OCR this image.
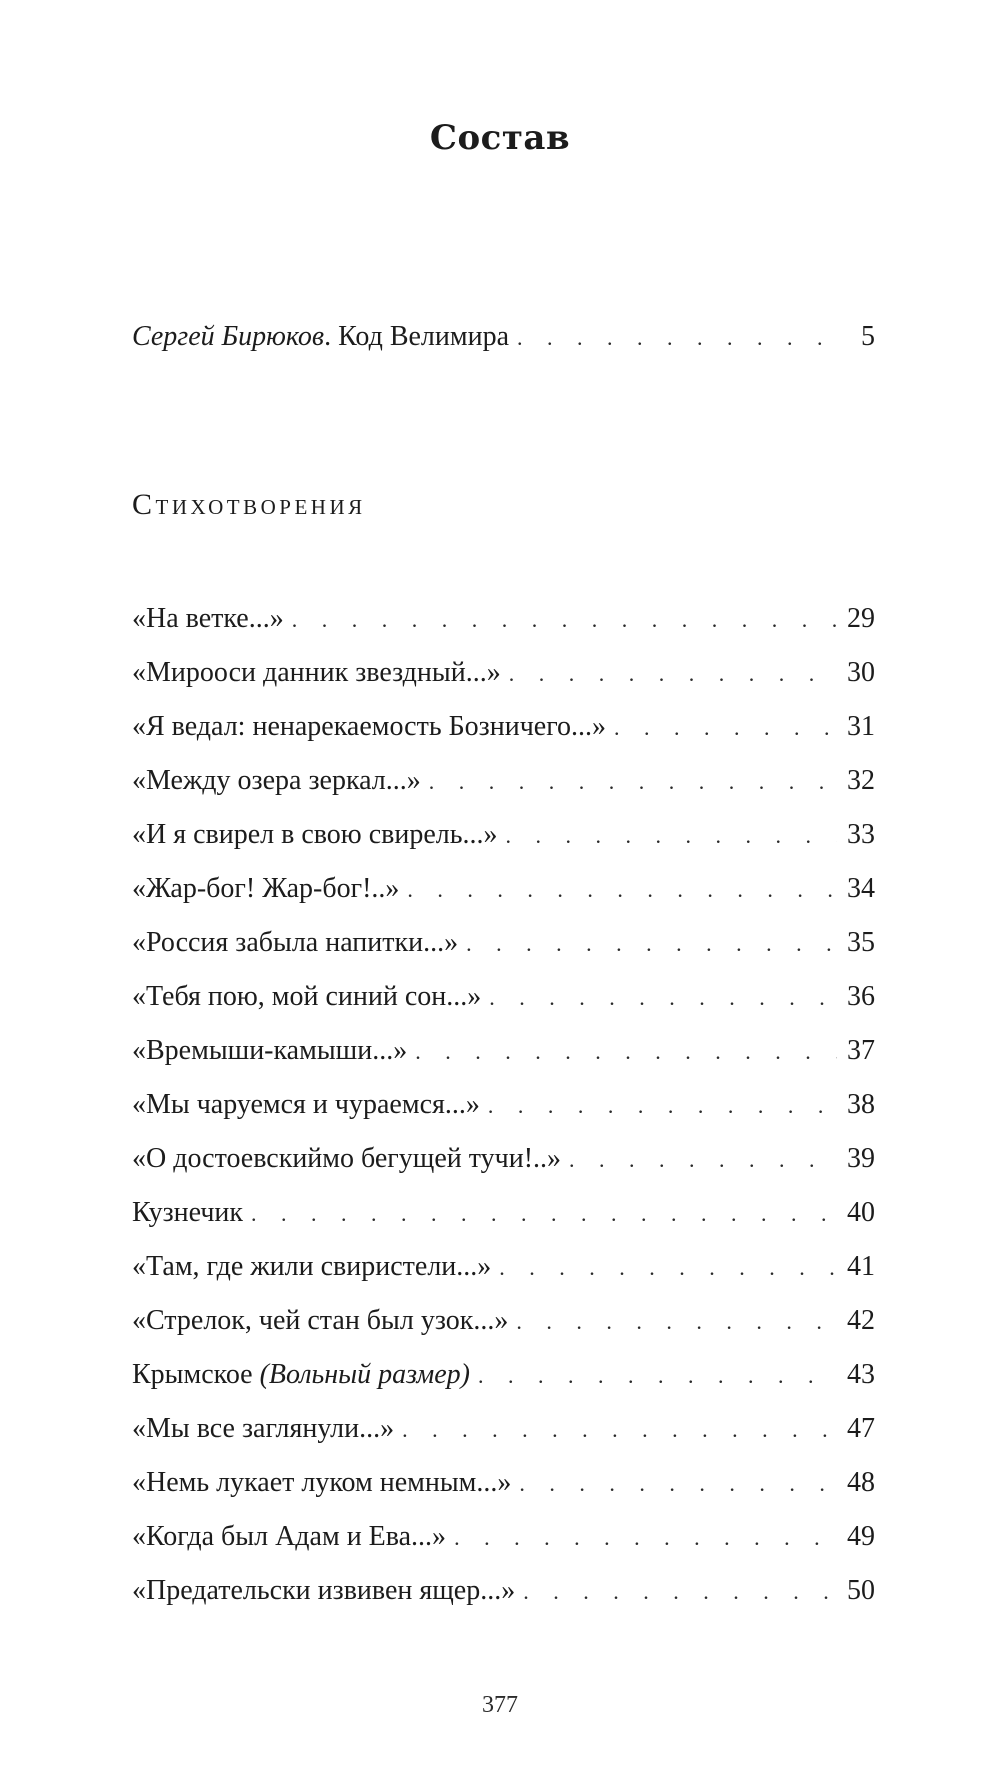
Состав
Сергей Бирюков. Код Велимира . . .	5
Стихотворения
«На ветке...» . . .	29
«Мирооси данник звездный...» . . .	30
«Я ведал: ненарекаемость Бозничего...» . . .	31
«Между озера зеркал...» . . .	32
«И я свирел в свою свирель...» . . .	33
«Жар-бог! Жар-бог!..» . . .	34
«Россия забыла напитки...» . . .	35
«Тебя пою, мой синий сон...» . . .	36
«Времыши-камыши...» . . .	37
«Мы чаруемся и чураемся...» . . .	38
«О достоевскиймо бегущей тучи!..» . . .	39
Кузнечик . . .	40
«Там, где жили свиристели...» . . .	41
«Стрелок, чей стан был узок...» . . .	42
Крымское (Вольный размер) . . .	43
«Мы все заглянули...» . . .	47
«Немь лукает луком немным...» . . .	48
«Когда был Адам и Ева...» . . .	49
«Предательски извивен ящер...» . . .	50
377
